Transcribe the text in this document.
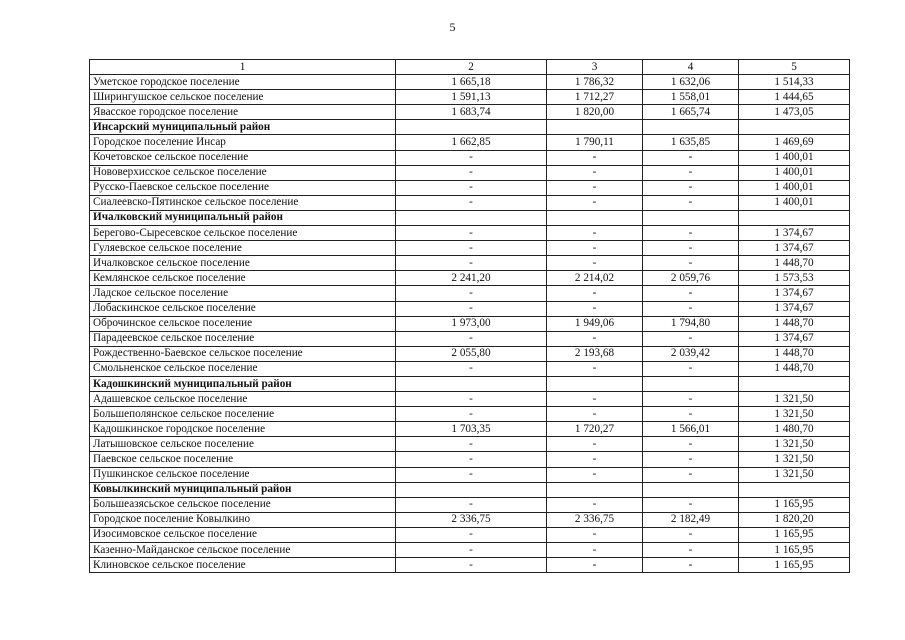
5
1	2	3	4	5
Уметское городское поселение	1 665,18	1 786,32	1 632,06	1 514,33
Ширингушское сельское поселение	1 591,13	1 712,27	1 558,01	1 444,65
Явасское городское поселение	1 683,74	1 820,00	1 665,74	1 473,05
Инсарский муниципальный район				
Городское поселение Инсар	1 662,85	1 790,11	1 635,85	1 469,69
Кочетовское сельское поселение	-	-	-	1 400,01
Нововерхисское сельское поселение	-	-	-	1 400,01
Русско-Паевское сельское поселение	-	-	-	1 400,01
Сиалеевско-Пятинское сельское поселение	-	-	-	1 400,01
Ичалковский муниципальный район				
Берегово-Сыресевское сельское поселение	-	-	-	1 374,67
Гуляевское сельское поселение	-	-	-	1 374,67
Ичалковское сельское поселение	-	-	-	1 448,70
Кемлянское сельское поселение	2 241,20	2 214,02	2 059,76	1 573,53
Ладское сельское поселение	-	-	-	1 374,67
Лобаскинское сельское поселение	-	-	-	1 374,67
Оброчинское сельское поселение	1 973,00	1 949,06	1 794,80	1 448,70
Парадеевское сельское поселение	-	-	-	1 374,67
Рождественно-Баевское сельское поселение	2 055,80	2 193,68	2 039,42	1 448,70
Смольненское сельское поселение	-	-	-	1 448,70
Кадошкинский муниципальный район				
Адашевское сельское поселение	-	-	-	1 321,50
Большеполянское сельское поселение	-	-	-	1 321,50
Кадошкинское городское поселение	1 703,35	1 720,27	1 566,01	1 480,70
Латышовское сельское поселение	-	-	-	1 321,50
Паевское сельское поселение	-	-	-	1 321,50
Пушкинское сельское поселение	-	-	-	1 321,50
Ковылкинский муниципальный район				
Большеазясьское сельское поселение	-	-	-	1 165,95
Городское поселение Ковылкино	2 336,75	2 336,75	2 182,49	1 820,20
Изосимовское сельское поселение	-	-	-	1 165,95
Казенно-Майданское сельское поселение	-	-	-	1 165,95
Клиновское сельское поселение	-	-	-	1 165,95
